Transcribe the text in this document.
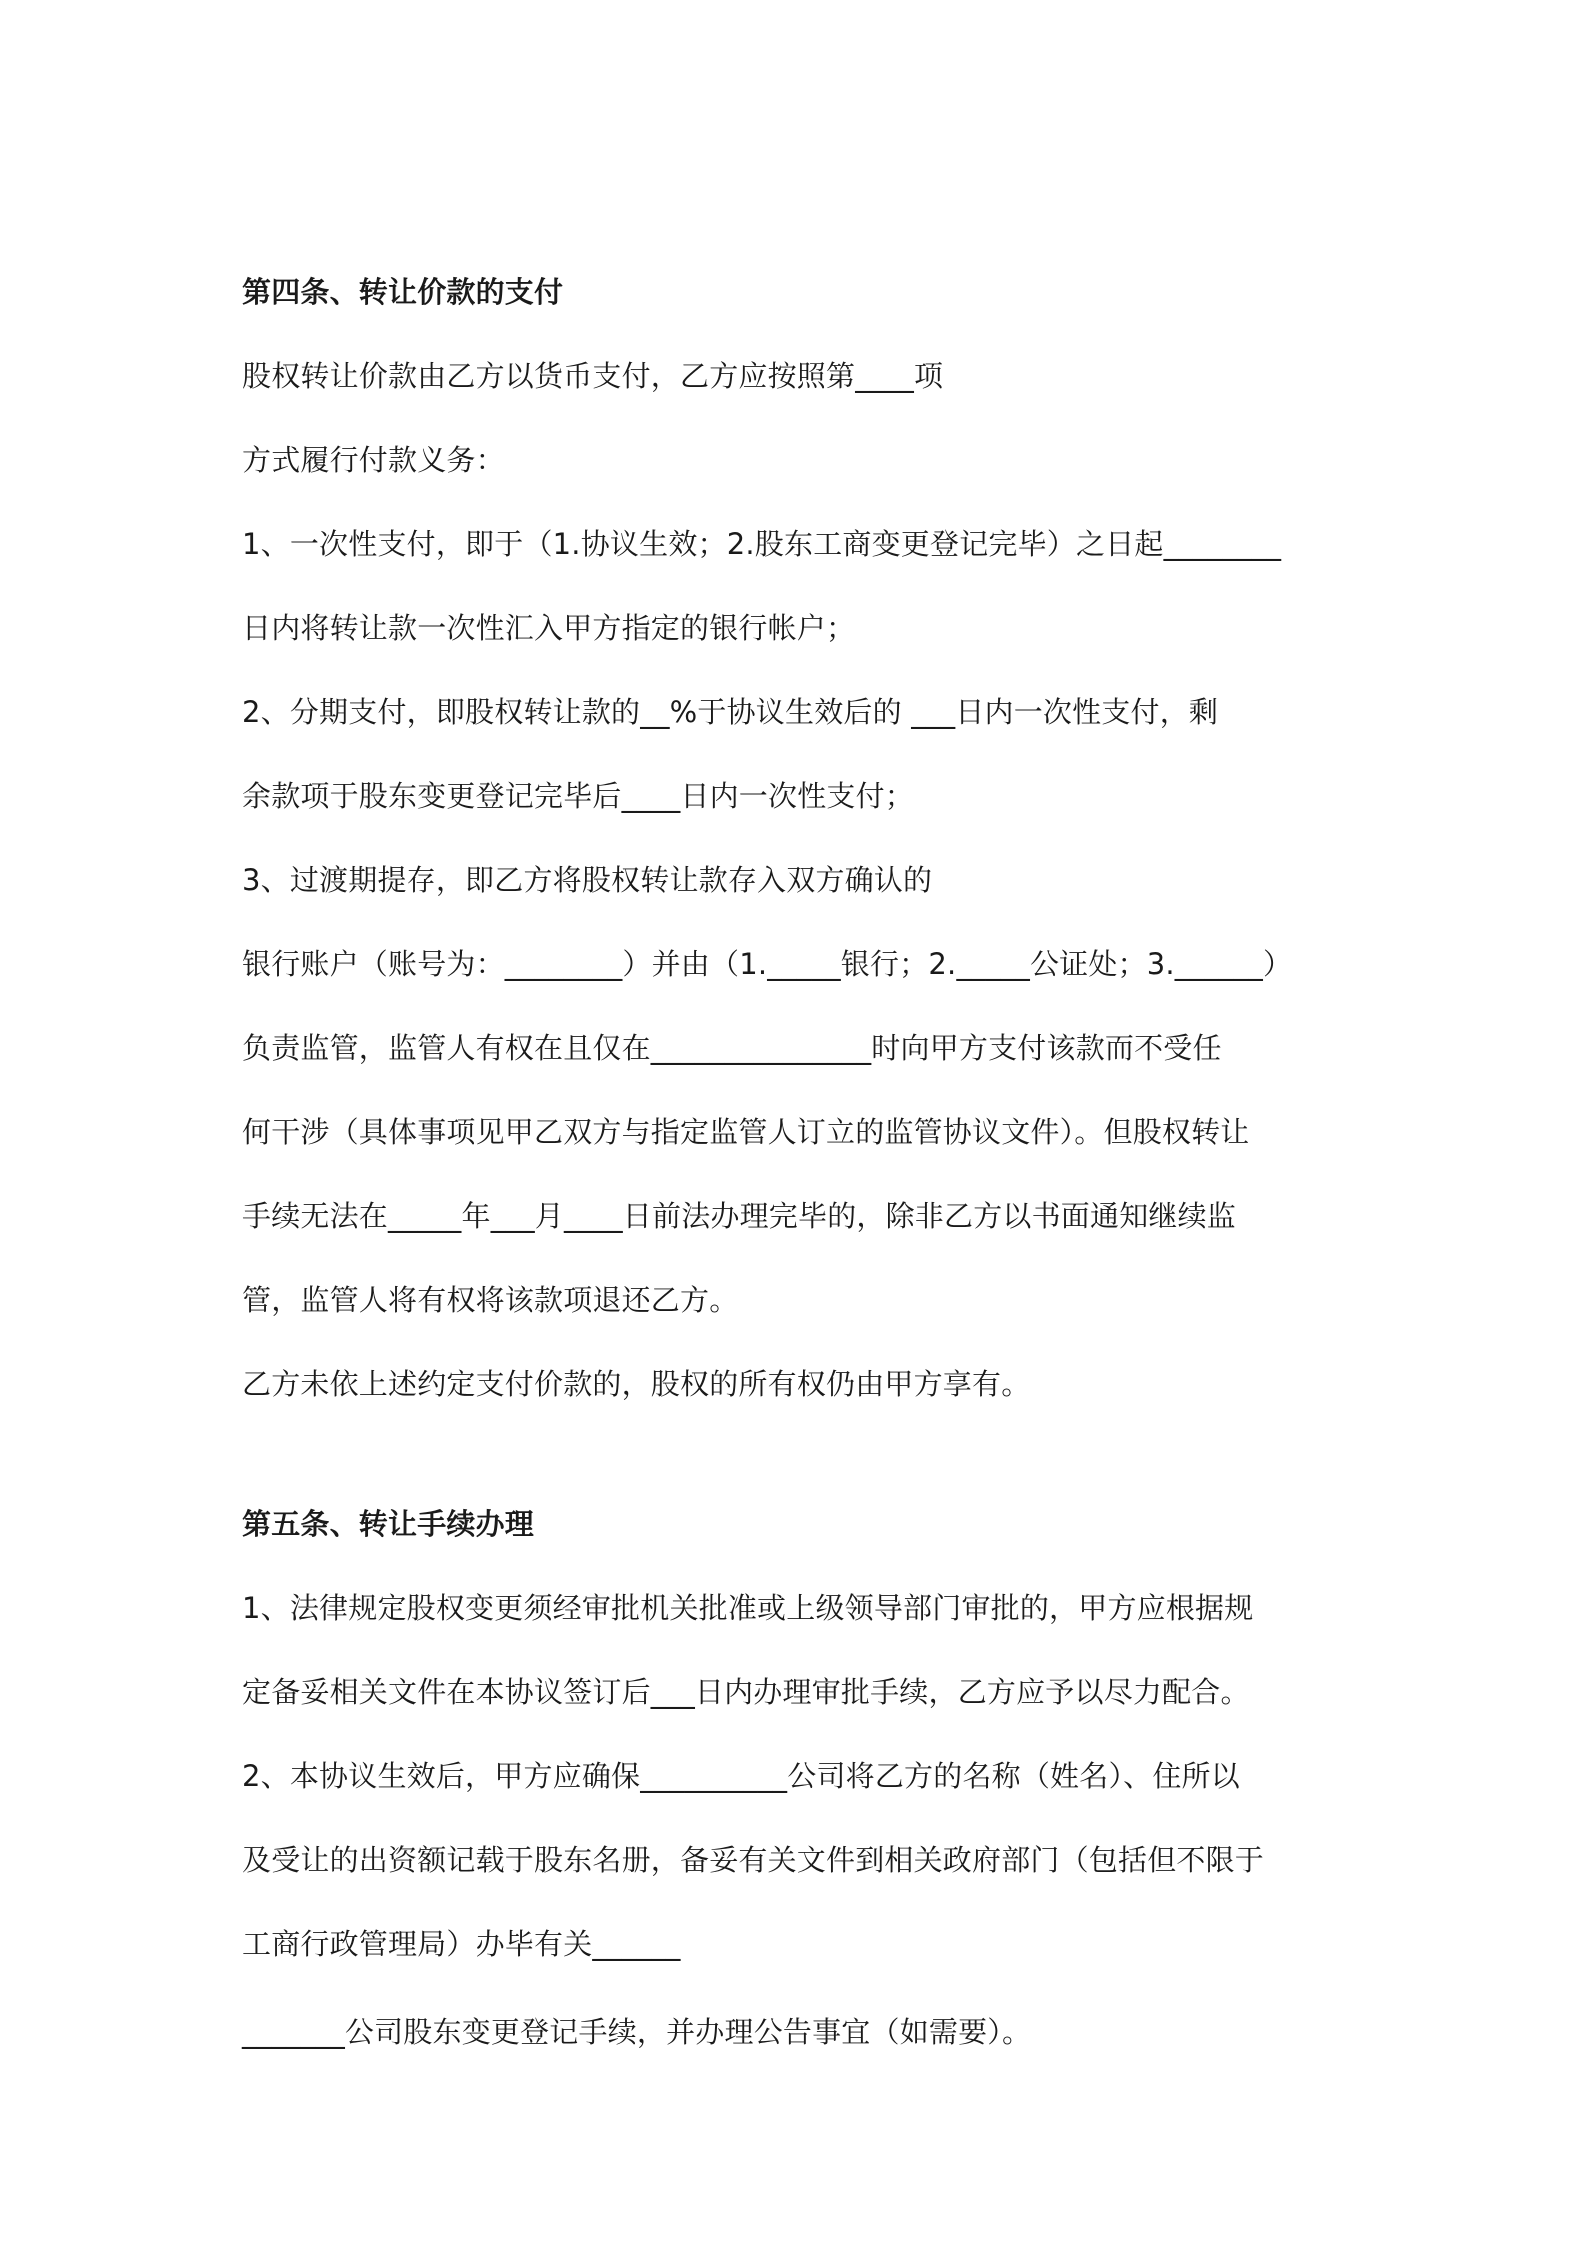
第四条、转让价款的支付
股权转让价款由乙方以货币支付，乙方应按照第____项
方式履行付款义务：
1、一次性支付，即于（1.协议生效；2.股东工商变更登记完毕）之日起________
日内将转让款一次性汇入甲方指定的银行帐户；
2、分期支付，即股权转让款的__%于协议生效后的 ___日内一次性支付，剩
余款项于股东变更登记完毕后____日内一次性支付；
3、过渡期提存，即乙方将股权转让款存入双方确认的
银行账户（账号为：________）并由（1._____银行；2._____公证处；3.______）
负责监管，监管人有权在且仅在_______________时向甲方支付该款而不受任
何干涉（具体事项见甲乙双方与指定监管人订立的监管协议文件）。但股权转让
手续无法在_____年___月____日前法办理完毕的，除非乙方以书面通知继续监
管，监管人将有权将该款项退还乙方。
乙方未依上述约定支付价款的，股权的所有权仍由甲方享有。
第五条、转让手续办理
1、法律规定股权变更须经审批机关批准或上级领导部门审批的，甲方应根据规
定备妥相关文件在本协议签订后___日内办理审批手续，乙方应予以尽力配合。
2、本协议生效后，甲方应确保__________公司将乙方的名称（姓名）、住所以
及受让的出资额记载于股东名册，备妥有关文件到相关政府部门（包括但不限于
工商行政管理局）办毕有关______
_______公司股东变更登记手续，并办理公告事宜（如需要）。
